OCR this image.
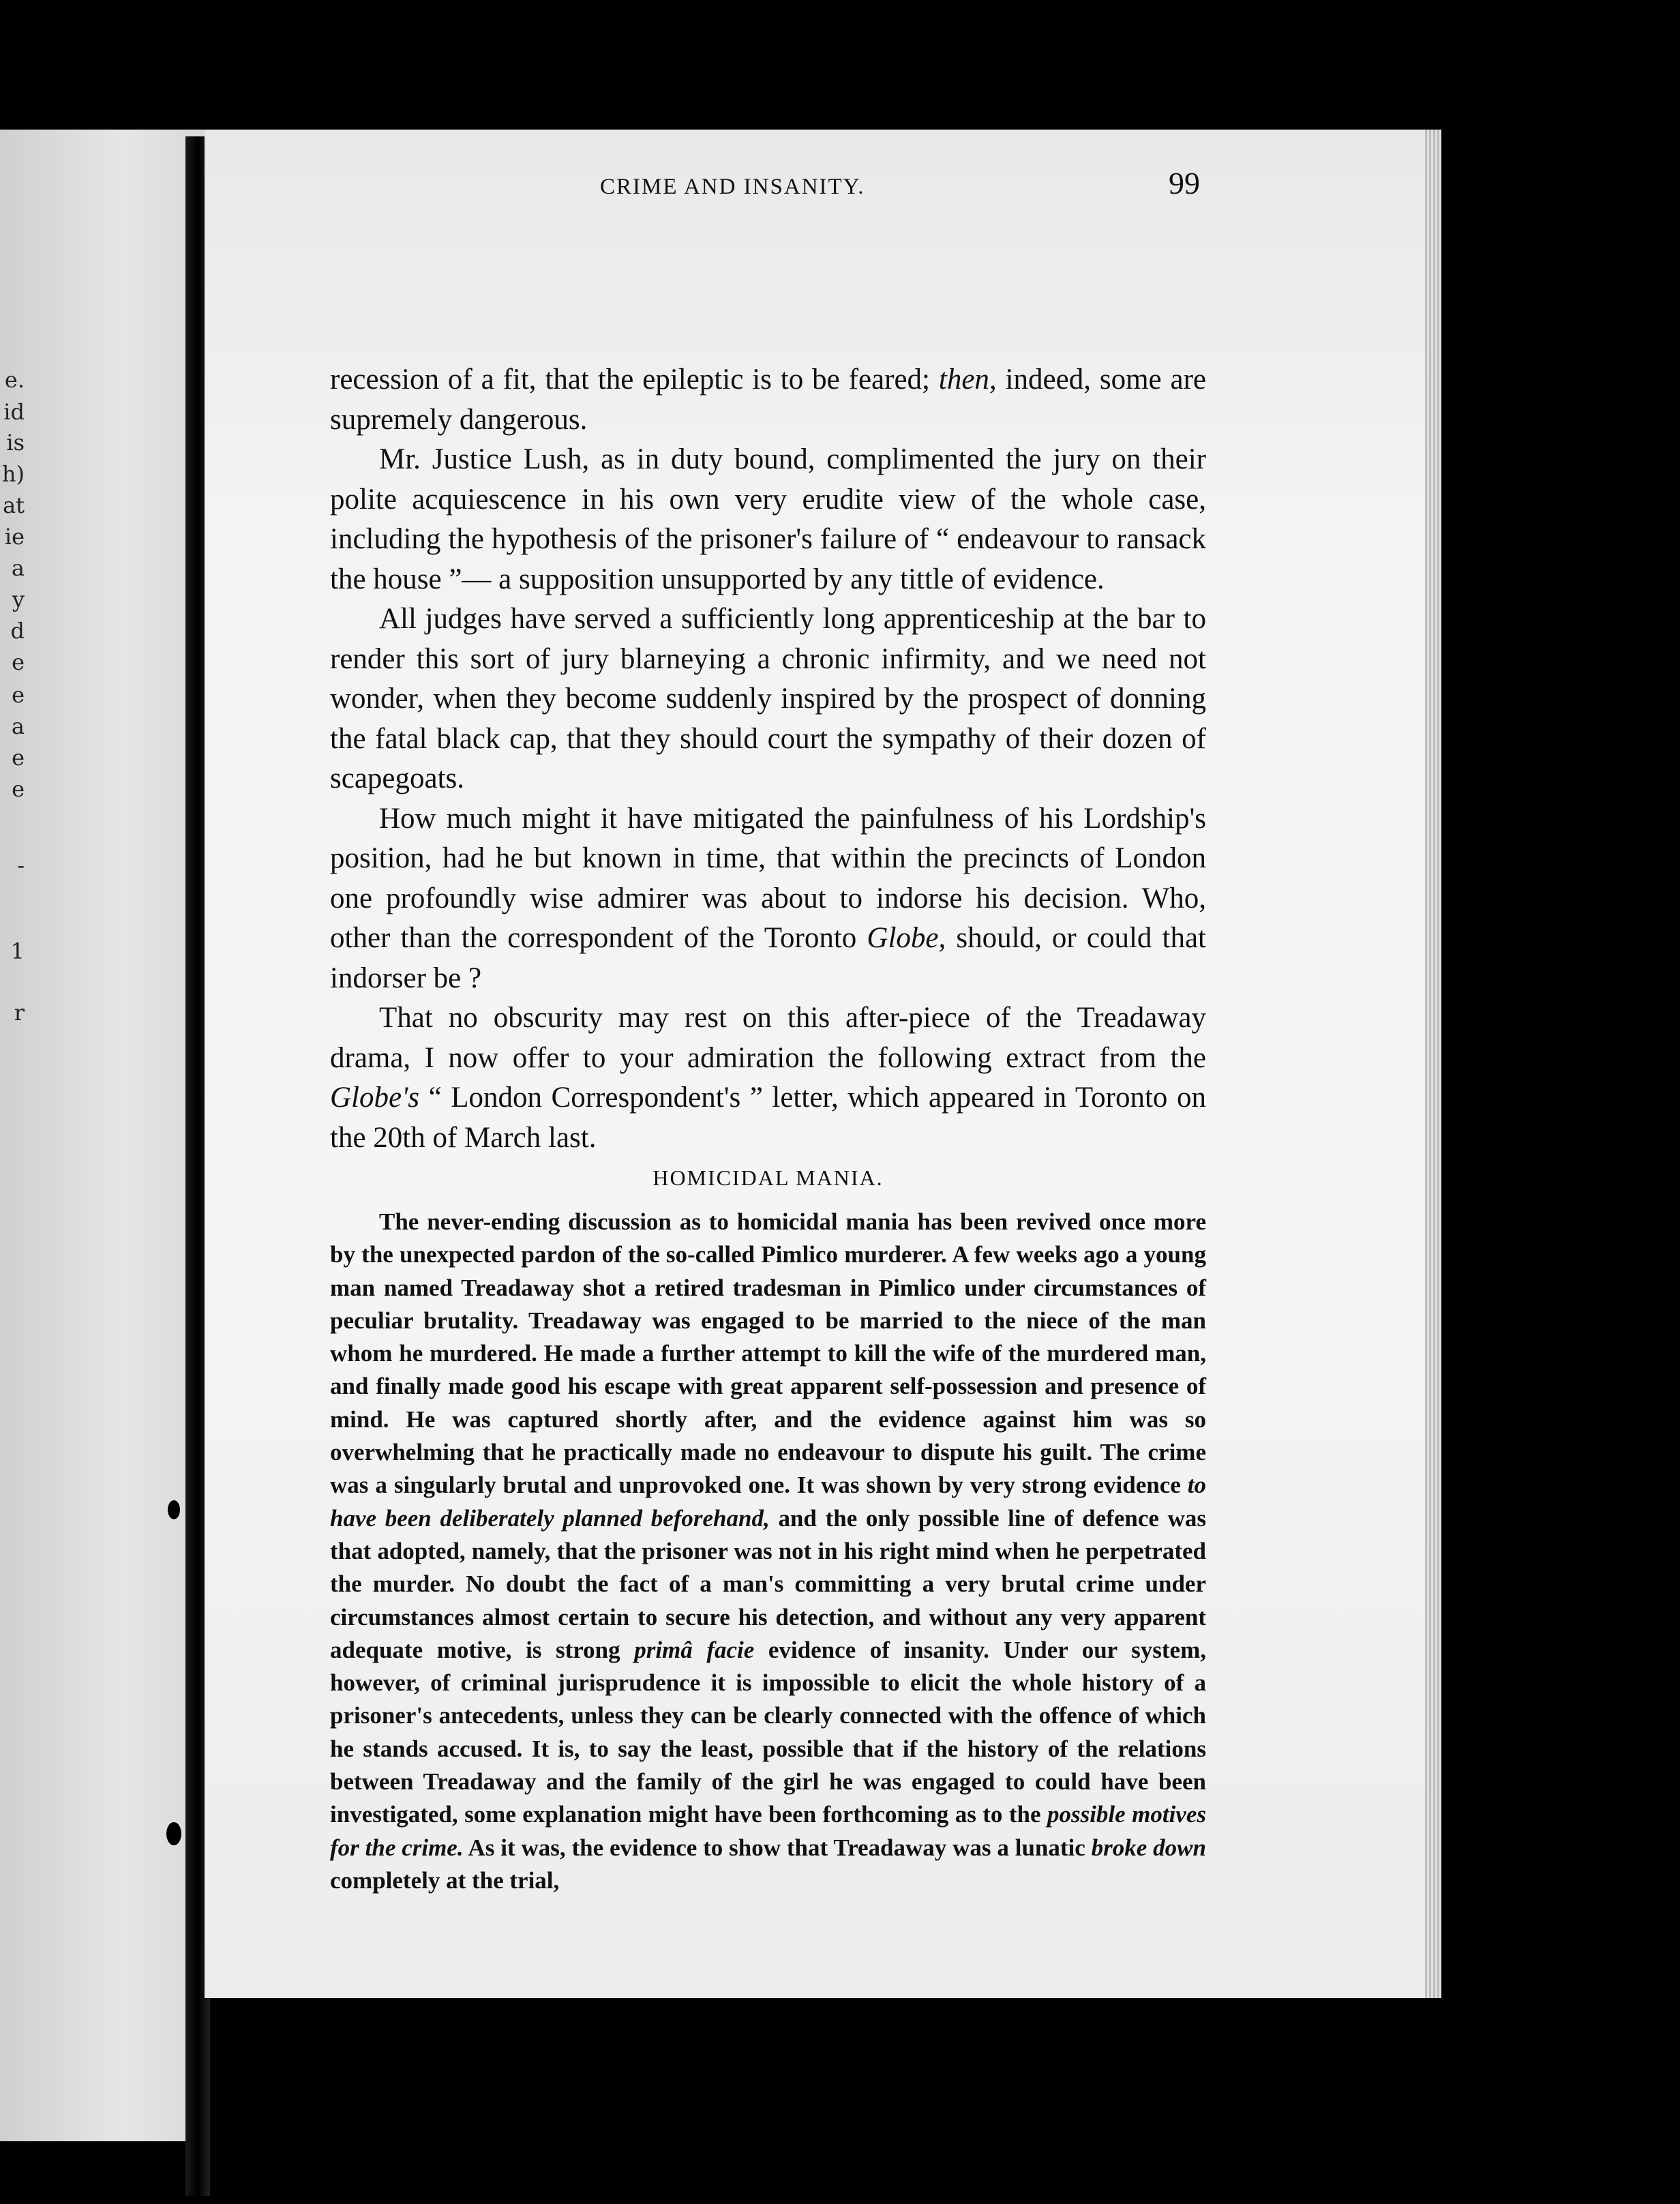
e.
id
is
h)
at
ie
a
y
d
e
e
a
e
e
-
1
r
CRIME AND INSANITY.	99

recession of a fit, that the epileptic is to be feared; then, indeed, some are supremely dangerous.

Mr. Justice Lush, as in duty bound, complimented the jury on their polite acquiescence in his own very erudite view of the whole case, including the hypothesis of the prisoner's failure of “ endeavour to ransack the house ”— a supposition unsupported by any tittle of evidence.

All judges have served a sufficiently long apprenticeship at the bar to render this sort of jury blarneying a chronic infirmity, and we need not wonder, when they become suddenly inspired by the prospect of donning the fatal black cap, that they should court the sympathy of their dozen of scapegoats.

How much might it have mitigated the painfulness of his Lordship's position, had he but known in time, that within the precincts of London one profoundly wise admirer was about to indorse his decision. Who, other than the correspondent of the Toronto Globe, should, or could that indorser be ?

That no obscurity may rest on this after-piece of the Treadaway drama, I now offer to your admiration the following extract from the Globe's “ London Correspondent's ” letter, which appeared in Toronto on the 20th of March last.

HOMICIDAL MANIA.

The never-ending discussion as to homicidal mania has been revived once more by the unexpected pardon of the so-called Pimlico murderer. A few weeks ago a young man named Treadaway shot a retired tradesman in Pimlico under circumstances of peculiar brutality. Treadaway was engaged to be married to the niece of the man whom he murdered. He made a further attempt to kill the wife of the murdered man, and finally made good his escape with great apparent self-possession and presence of mind. He was captured shortly after, and the evidence against him was so overwhelming that he practically made no endeavour to dispute his guilt. The crime was a singularly brutal and unprovoked one. It was shown by very strong evidence to have been deliberately planned beforehand, and the only possible line of defence was that adopted, namely, that the prisoner was not in his right mind when he perpetrated the murder. No doubt the fact of a man's committing a very brutal crime under circumstances almost certain to secure his detection, and without any very apparent adequate motive, is strong primâ facie evidence of insanity. Under our system, however, of criminal jurisprudence it is impossible to elicit the whole history of a prisoner's antecedents, unless they can be clearly connected with the offence of which he stands accused. It is, to say the least, possible that if the history of the relations between Treadaway and the family of the girl he was engaged to could have been investigated, some explanation might have been forthcoming as to the possible motives for the crime. As it was, the evidence to show that Treadaway was a lunatic broke down completely at the trial,
